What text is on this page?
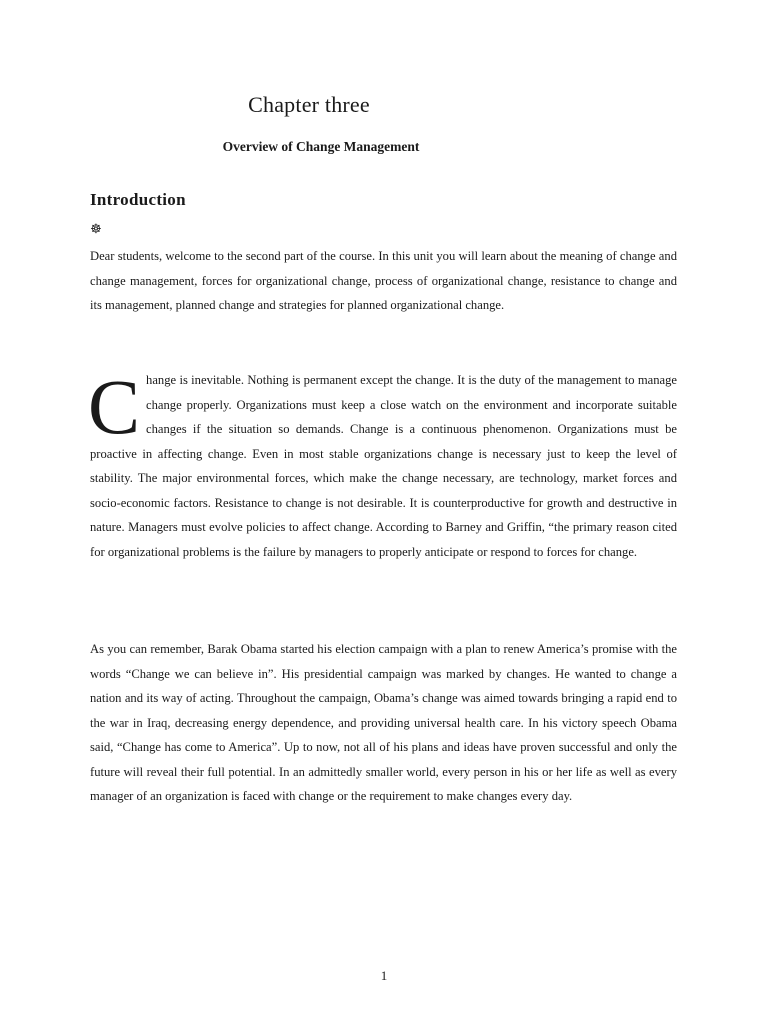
Chapter three
Overview of Change Management
Introduction
☸

Dear students, welcome to the second part of the course. In this unit you will learn about the meaning of change and change management, forces for organizational change, process of organizational change, resistance to change and its management, planned change and strategies for planned organizational change.

C hange is inevitable. Nothing is permanent except the change. It is the duty of the management to manage change properly. Organizations must keep a close watch on the environment and incorporate suitable changes if the situation so demands. Change is a continuous phenomenon. Organizations must be proactive in affecting change. Even in most stable organizations change is necessary just to keep the level of stability. The major environmental forces, which make the change necessary, are technology, market forces and socio-economic factors. Resistance to change is not desirable. It is counterproductive for growth and destructive in nature. Managers must evolve policies to affect change. According to Barney and Griffin, “the primary reason cited for organizational problems is the failure by managers to properly anticipate or respond to forces for change.

As you can remember, Barak Obama started his election campaign with a plan to renew America’s promise with the words “Change we can believe in”. His presidential campaign was marked by changes. He wanted to change a nation and its way of acting. Throughout the campaign, Obama’s change was aimed towards bringing a rapid end to the war in Iraq, decreasing energy dependence, and providing universal health care. In his victory speech Obama said, “Change has come to America”. Up to now, not all of his plans and ideas have proven successful and only the future will reveal their full potential. In an admittedly smaller world, every person in his or her life as well as every manager of an organization is faced with change or the requirement to make changes every day.

1
